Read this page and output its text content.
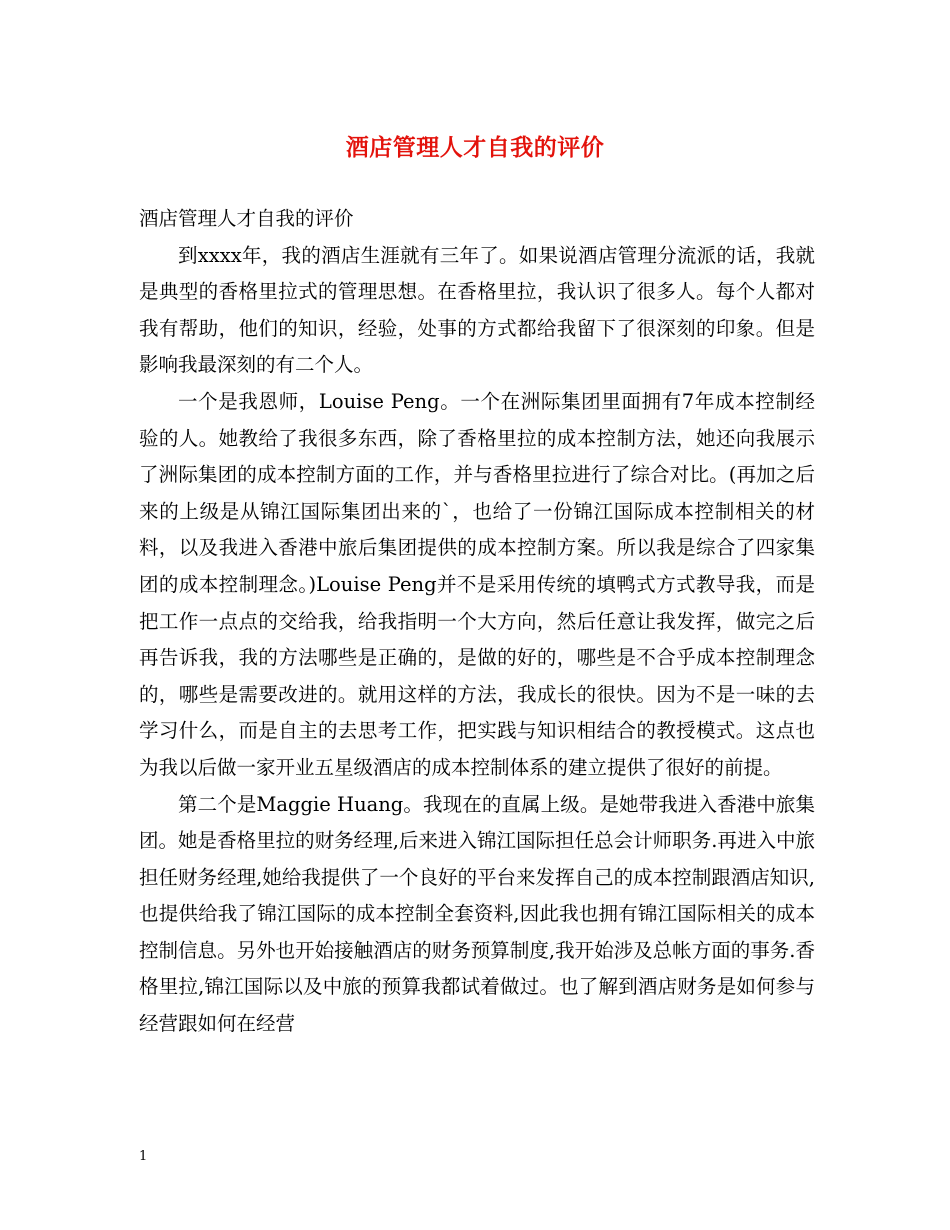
酒店管理人才自我的评价

酒店管理人才自我的评价

到xxxx年，我的酒店生涯就有三年了。如果说酒店管理分流派的话，我就是典型的香格里拉式的管理思想。在香格里拉，我认识了很多人。每个人都对我有帮助，他们的知识，经验，处事的方式都给我留下了很深刻的印象。但是影响我最深刻的有二个人。

一个是我恩师，Louise Peng。一个在洲际集团里面拥有7年成本控制经验的人。她教给了我很多东西，除了香格里拉的成本控制方法，她还向我展示了洲际集团的成本控制方面的工作，并与香格里拉进行了综合对比。(再加之后来的上级是从锦江国际集团出来的`，也给了一份锦江国际成本控制相关的材料，以及我进入香港中旅后集团提供的成本控制方案。所以我是综合了四家集团的成本控制理念。)Louise Peng并不是采用传统的填鸭式方式教导我，而是把工作一点点的交给我，给我指明一个大方向，然后任意让我发挥，做完之后再告诉我，我的方法哪些是正确的，是做的好的，哪些是不合乎成本控制理念的，哪些是需要改进的。就用这样的方法，我成长的很快。因为不是一味的去学习什么，而是自主的去思考工作，把实践与知识相结合的教授模式。这点也为我以后做一家开业五星级酒店的成本控制体系的建立提供了很好的前提。

第二个是Maggie Huang。我现在的直属上级。是她带我进入香港中旅集团。她是香格里拉的财务经理,后来进入锦江国际担任总会计师职务.再进入中旅担任财务经理,她给我提供了一个良好的平台来发挥自己的成本控制跟酒店知识, 也提供给我了锦江国际的成本控制全套资料,因此我也拥有锦江国际相关的成本控制信息。另外也开始接触酒店的财务预算制度,我开始涉及总帐方面的事务.香格里拉,锦江国际以及中旅的预算我都试着做过。也了解到酒店财务是如何参与经营跟如何在经营

1
